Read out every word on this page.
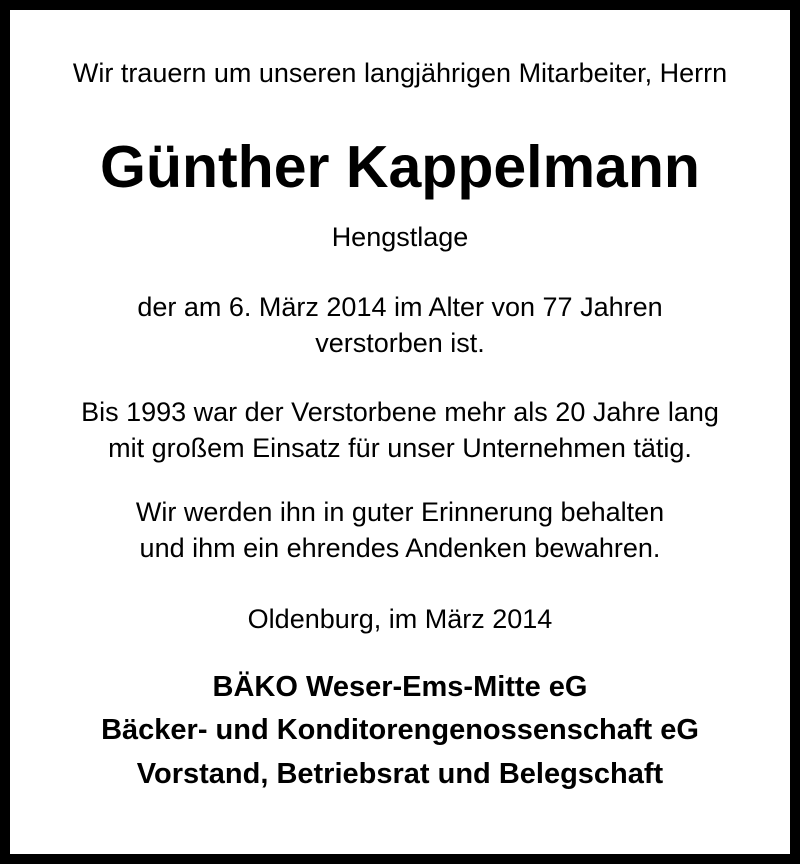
Wir trauern um unseren langjährigen Mitarbeiter, Herrn
Günther Kappelmann
Hengstlage
der am 6. März 2014 im Alter von 77 Jahren
verstorben ist.
Bis 1993 war der Verstorbene mehr als 20 Jahre lang
mit großem Einsatz für unser Unternehmen tätig.
Wir werden ihn in guter Erinnerung behalten
und ihm ein ehrendes Andenken bewahren.
Oldenburg, im März 2014
BÄKO Weser-Ems-Mitte eG
Bäcker- und Konditorengenossenschaft eG
Vorstand, Betriebsrat und Belegschaft
